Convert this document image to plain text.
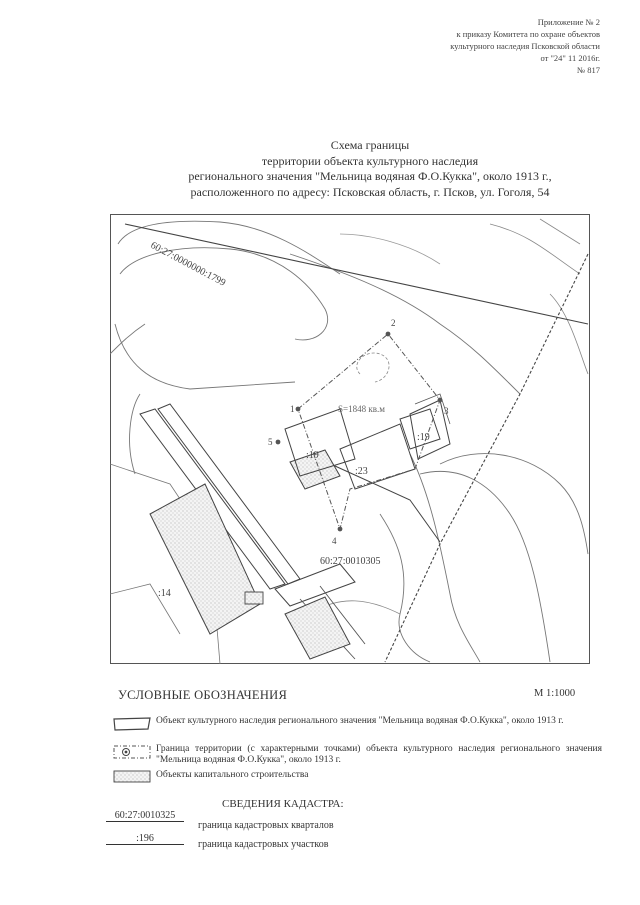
Приложение № 2
к приказу Комитета по охране объектов
культурного наследия Псковской области
от "24" 11 2016г.
№ 817
Схема границы
территории объекта культурного наследия
регионального значения "Мельница водяная Ф.О.Кукка", около 1913 г.,
расположенного по адресу: Псковская область, г. Псков, ул. Гоголя, 54
60:27:0000000:1799
60:27:0010305
:19
:23
:19
:14
S=1848 кв.м
1
2
3
4
5
УСЛОВНЫЕ ОБОЗНАЧЕНИЯ	М 1:1000
Объект культурного наследия регионального значения "Мельница водяная Ф.О.Кукка", около 1913 г.
Граница территории (с характерными точками) объекта культурного наследия регионального значения "Мельница водяная Ф.О.Кукка", около 1913 г.
Объекты капитального строительства
СВЕДЕНИЯ КАДАСТРА:
60:27:0010325
граница кадастровых кварталов
:196
граница кадастровых участков
